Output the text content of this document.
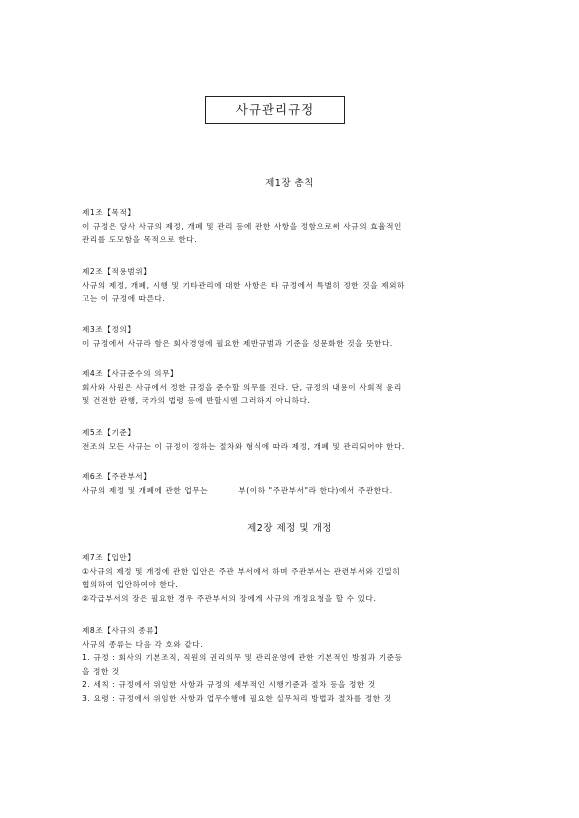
사규관리규정
제1장 총칙
제1조【목적】
이 규정은 당사 사규의 제정, 개폐 및 관리 등에 관한 사항을 정함으로써 사규의 효율적인
관리를 도모함을 목적으로 한다.
제2조【적용범위】
사규의 제정, 개폐, 시행 및 기타관리에 대한 사항은 타 규정에서 특별히 정한 것을 제외하
고는 이 규정에 따른다.
제3조【정의】
이 규정에서 사규라 함은 회사경영에 필요한 제반규범과 기준을 성문화한 것을 뜻한다.
제4조【사규준수의 의무】
회사와 사원은 사규에서 정한 규정을 준수할 의무를 진다. 단, 규정의 내용이 사회적 윤리
및 건전한 관행, 국가의 법령 등에 반할시엔 그러하지 아니하다.
제5조【기준】
전조의 모든 사규는 이 규정이 정하는 절차와 형식에 따라 제정, 개폐 및 관리되어야 한다.
제6조【주관부서】
사규의 제정 및 개폐에 관한 업무는          부(이하 "주관부서"라 한다)에서 주관한다.
제2장 제정 및 개정
제7조【입안】
①사규의 제정 및 개정에 관한 입안은 주관 부서에서 하며 주관부서는 관련부서와 긴밀히
협의하여 입안하여야 한다.
②각급부서의 장은 필요한 경우 주관부서의 장에게 사규의 개정요청을 할 수 있다.
제8조【사규의 종류】
사규의 종류는 다음 각 호와 같다.
1. 규정 : 회사의 기본조직, 직원의 권리의무 및 관리운영에 관한 기본적인 방침과 기준등
을 정한 것
2. 세칙 : 규정에서 위임한 사항과 규정의 세부적인 시행기준과 절차 등을 정한 것
3. 요령 : 규정에서 위임한 사항과 업무수행에 필요한 실무처리 방법과 절차를 정한 것
